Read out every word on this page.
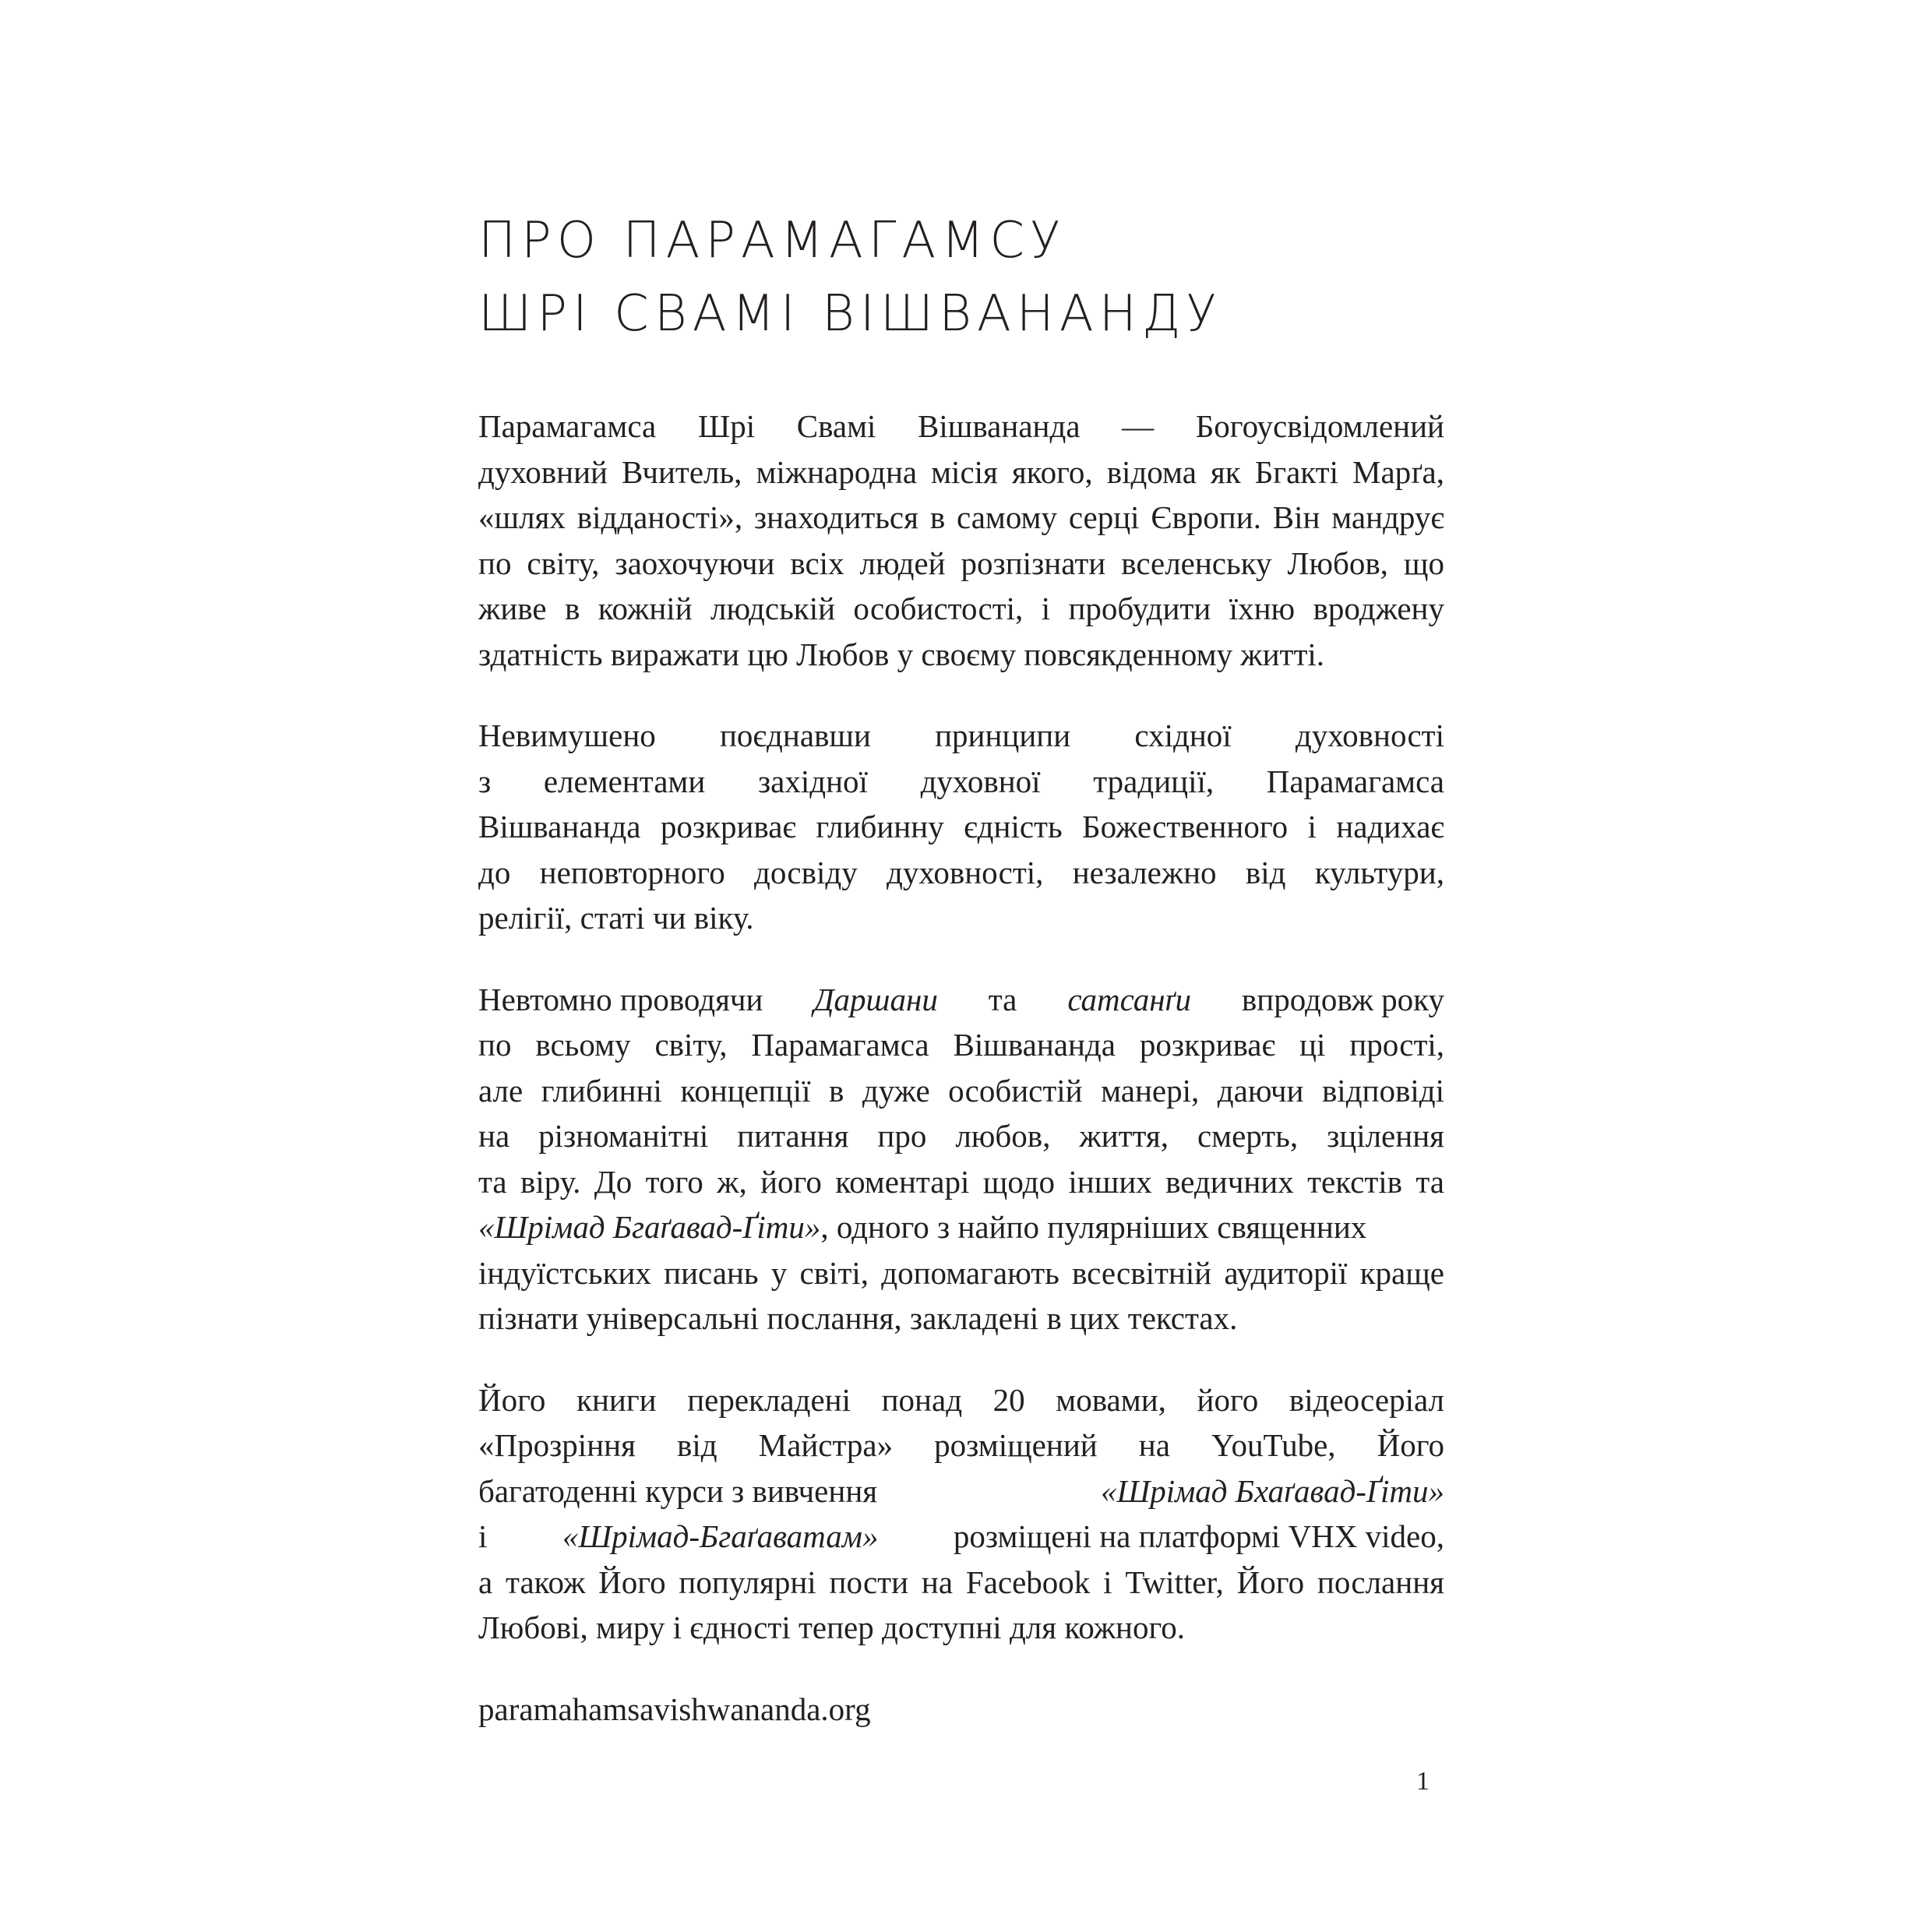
ПРО ПАРАМАГАМСУ
ШРІ СВАМІ ВІШВАНАНДУ

Парамагамса Шрі Свамі Вішвананда — Богоусвідомлений
духовний Вчитель, міжнародна місія якого, відома як Бгакті Марґа,
«шлях відданості», знаходиться в самому серці Європи. Він мандрує
по світу, заохочуючи всіх людей розпізнати вселенську Любов, що
живе в кожній людській особистості, і пробудити їхню вроджену
здатність виражати цю Любов у своєму повсякденному житті.

Невимушено поєднавши принципи східної духовності
з елементами західної духовної традиції, Парамагамса
Вішвананда розкриває глибинну єдність Божественного і надихає
до неповторного досвіду духовності, незалежно від культури,
релігії, статі чи віку.

Невтомно проводячи Даршани та сатсанґи впродовж року
по всьому світу, Парамагамса Вішвананда розкриває ці прості,
але глибинні концепції в дуже особистій манері, даючи відповіді
на різноманітні питання про любов, життя, смерть, зцілення
та віру. До того ж, його коментарі щодо інших ведичних текстів та
«Шрімад Бгаґавад-Ґіти», одного з найпо пулярніших священних
індуїстських писань у світі, допомагають всесвітній аудиторії краще
пізнати універсальні послання, закладені в цих текстах.

Його книги перекладені понад 20 мовами, його відеосеріал
«Прозріння від Майстра» розміщений на YouTube, Його
багатоденні курси з вивчення	«Шрімад Бхаґавад-Ґіти»
і «Шрімад-Бгаґаватам» розміщені на платформі VHX video,
а також Його популярні пости на Facebook і Twitter, Його послання
Любові, миру і єдності тепер доступні для кожного.

paramahamsavishwananda.org

1
